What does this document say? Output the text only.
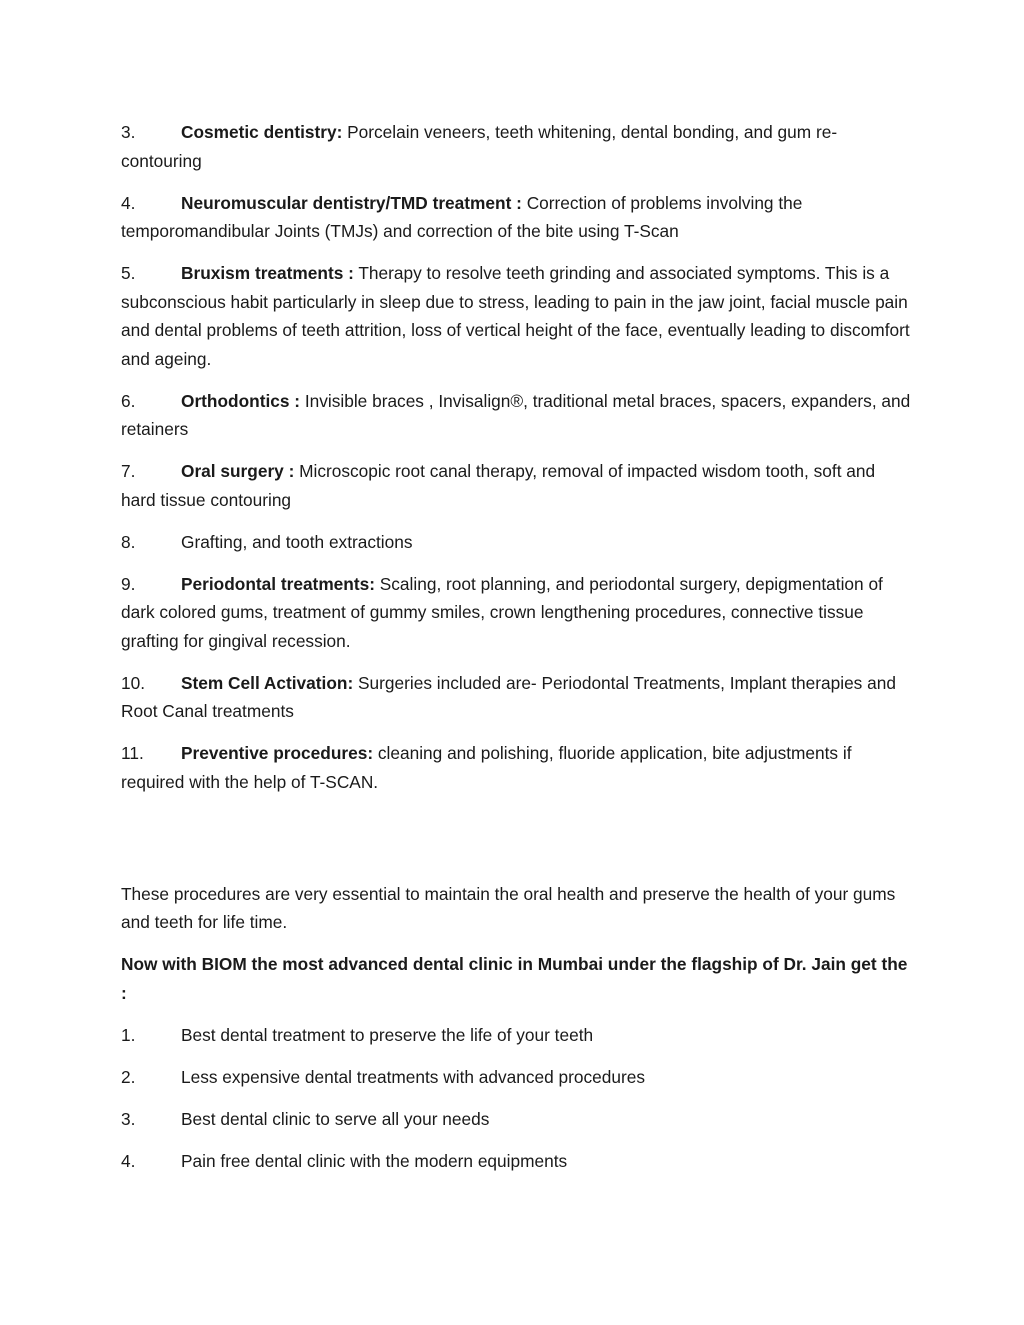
3.	Cosmetic dentistry: Porcelain veneers, teeth whitening, dental bonding, and gum re-contouring

4.	Neuromuscular dentistry/TMD treatment : Correction of problems involving the temporomandibular Joints (TMJs) and correction of the bite using T-Scan

5.	Bruxism treatments : Therapy to resolve teeth grinding and associated symptoms. This is a subconscious habit particularly in sleep due to stress, leading to pain in the jaw joint, facial muscle pain and dental problems of teeth attrition, loss of vertical height of the face, eventually leading to discomfort and ageing.

6.	Orthodontics : Invisible braces , Invisalign®, traditional metal braces, spacers, expanders, and retainers

7.	Oral surgery : Microscopic root canal therapy, removal of impacted wisdom tooth, soft and hard tissue contouring

8.	Grafting, and tooth extractions

9.	Periodontal treatments: Scaling, root planning, and periodontal surgery, depigmentation of dark colored gums, treatment of gummy smiles, crown lengthening procedures, connective tissue grafting for gingival recession.

10. Stem Cell Activation: Surgeries included are- Periodontal Treatments, Implant therapies and Root Canal treatments

11. Preventive procedures: cleaning and polishing, fluoride application, bite adjustments if required with the help of T-SCAN.

These procedures are very essential to maintain the oral health and preserve the health of your gums and teeth for life time.

Now with BIOM the most advanced dental clinic in Mumbai under the flagship of Dr. Jain get the :

1.	Best dental treatment to preserve the life of your teeth

2.	Less expensive dental treatments with advanced procedures

3.	Best dental clinic to serve all your needs

4.	Pain free dental clinic with the modern equipments
